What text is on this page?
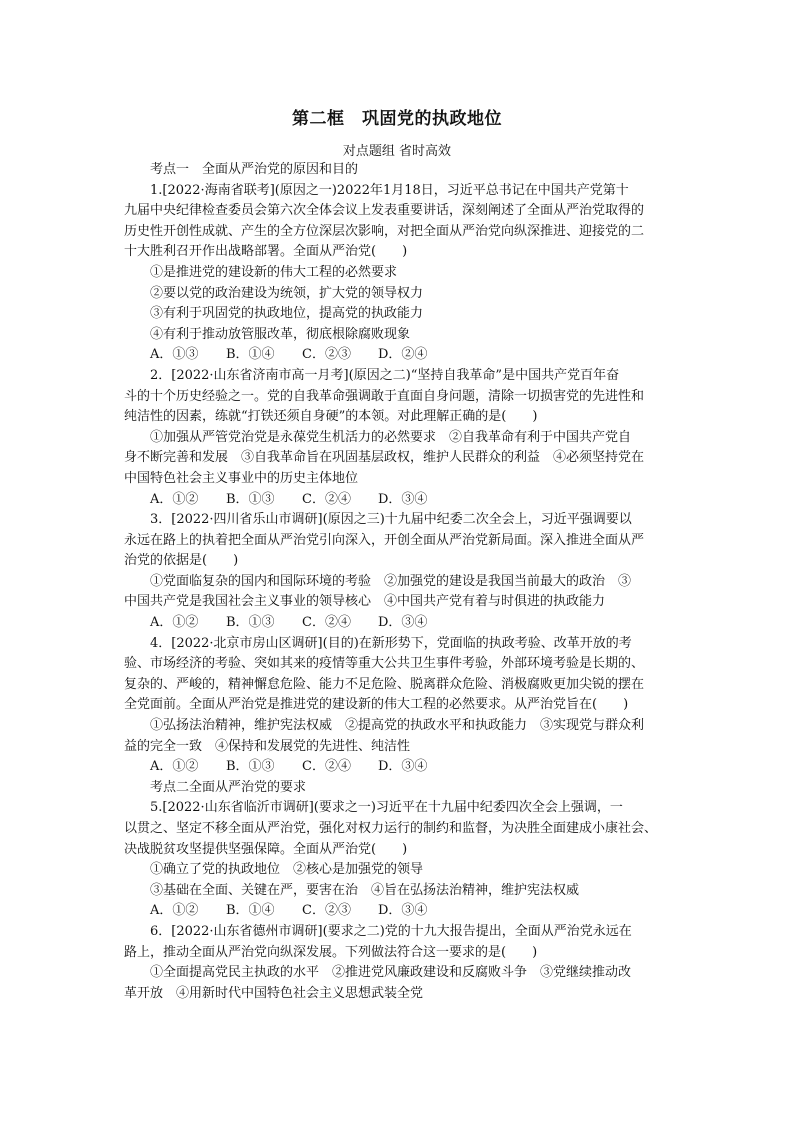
第二框　巩固党的执政地位
对点题组 省时高效
考点一　全面从严治党的原因和目的
1.[2022·海南省联考](原因之一)2022年1月18日，习近平总书记在中国共产党第十
九届中央纪律检查委员会第六次全体会议上发表重要讲话，深刻阐述了全面从严治党取得的
历史性开创性成就、产生的全方位深层次影响，对把全面从严治党向纵深推进、迎接党的二
十大胜利召开作出战略部署。全面从严治党(　　)
①是推进党的建设新的伟大工程的必然要求
②要以党的政治建设为统领，扩大党的领导权力
③有利于巩固党的执政地位，提高党的执政能力
④有利于推动放管服改革，彻底根除腐败现象
A．①③ B．①④ C．②③ D．②④
2．[2022·山东省济南市高一月考](原因之二)“坚持自我革命”是中国共产党百年奋
斗的十个历史经验之一。党的自我革命强调敢于直面自身问题，清除一切损害党的先进性和
纯洁性的因素，练就“打铁还须自身硬”的本领。对此理解正确的是(　　)
①加强从严管党治党是永葆党生机活力的必然要求　②自我革命有利于中国共产党自
身不断完善和发展　③自我革命旨在巩固基层政权，维护人民群众的利益　④必须坚持党在
中国特色社会主义事业中的历史主体地位
A．①② B．①③ C．②④ D．③④
3．[2022·四川省乐山市调研](原因之三)十九届中纪委二次全会上，习近平强调要以
永远在路上的执着把全面从严治党引向深入，开创全面从严治党新局面。深入推进全面从严
治党的依据是(　　)
①党面临复杂的国内和国际环境的考验　②加强党的建设是我国当前最大的政治　③
中国共产党是我国社会主义事业的领导核心　④中国共产党有着与时俱进的执政能力
A．①② B．①③ C．②④ D．③④
4．[2022·北京市房山区调研](目的)在新形势下，党面临的执政考验、改革开放的考
验、市场经济的考验、突如其来的疫情等重大公共卫生事件考验，外部环境考验是长期的、
复杂的、严峻的，精神懈怠危险、能力不足危险、脱离群众危险、消极腐败更加尖锐的摆在
全党面前。全面从严治党是推进党的建设新的伟大工程的必然要求。从严治党旨在(　　)
①弘扬法治精神，维护宪法权威　②提高党的执政水平和执政能力　③实现党与群众利
益的完全一致　④保持和发展党的先进性、纯洁性
A．①② B．①③ C．②④ D．③④
考点二全面从严治党的要求
5.[2022·山东省临沂市调研](要求之一)习近平在十九届中纪委四次全会上强调，一
以贯之、坚定不移全面从严治党，强化对权力运行的制约和监督，为决胜全面建成小康社会、
决战脱贫攻坚提供坚强保障。全面从严治党(　　)
①确立了党的执政地位　②核心是加强党的领导
③基础在全面、关键在严，要害在治　④旨在弘扬法治精神，维护宪法权威
A．①② B．①④ C．②③ D．③④
6．[2022·山东省德州市调研](要求之二)党的十九大报告提出，全面从严治党永远在
路上，推动全面从严治党向纵深发展。下列做法符合这一要求的是(　　)
①全面提高党民主执政的水平　②推进党风廉政建设和反腐败斗争　③党继续推动改
革开放　④用新时代中国特色社会主义思想武装全党
